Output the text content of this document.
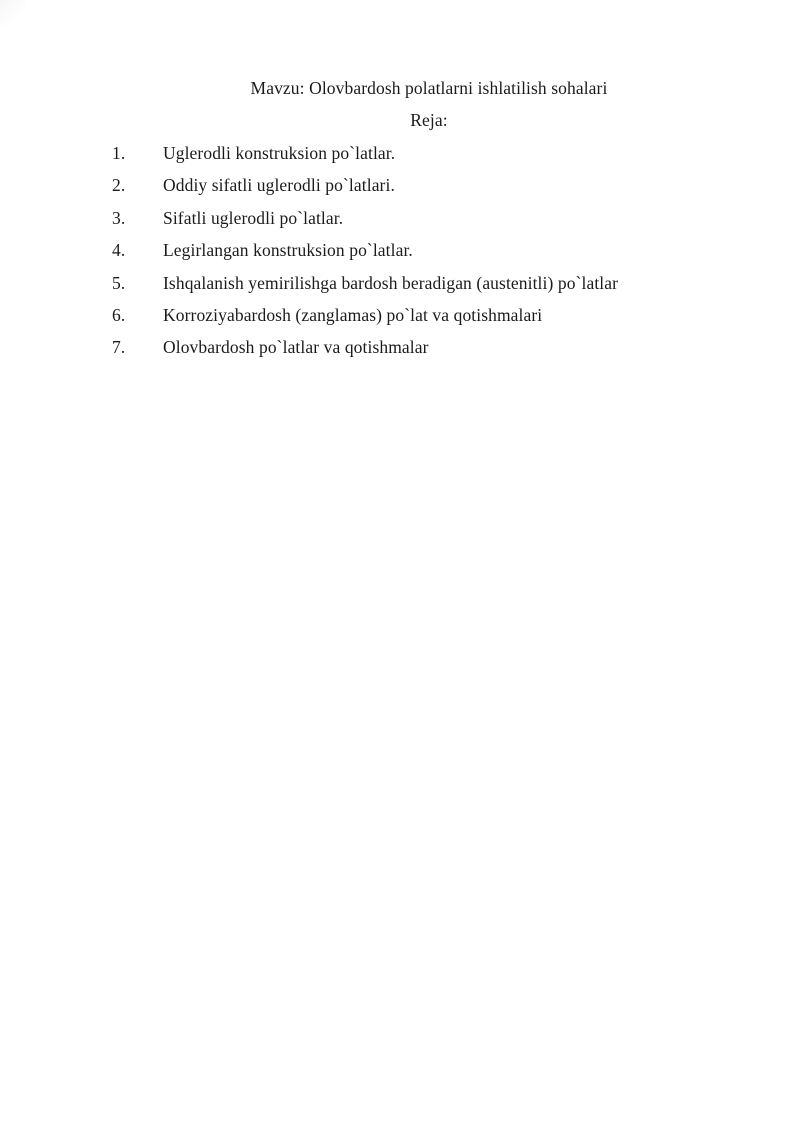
Mavzu: Olovbardosh polatlarni ishlatilish sohalari
Reja:
1.	Uglerodli konstruksion po`latlar.
2.	Oddiy sifatli uglerodli po`latlari.
3.	Sifatli uglerodli po`latlar.
4.	Legirlangan konstruksion po`latlar.
5.	Ishqalanish yemirilishga bardosh beradigan (austenitli) po`latlar
6.	Korroziyabardosh (zanglamas) po`lat va qotishmalari
7.	Olovbardosh po`latlar va qotishmalar
